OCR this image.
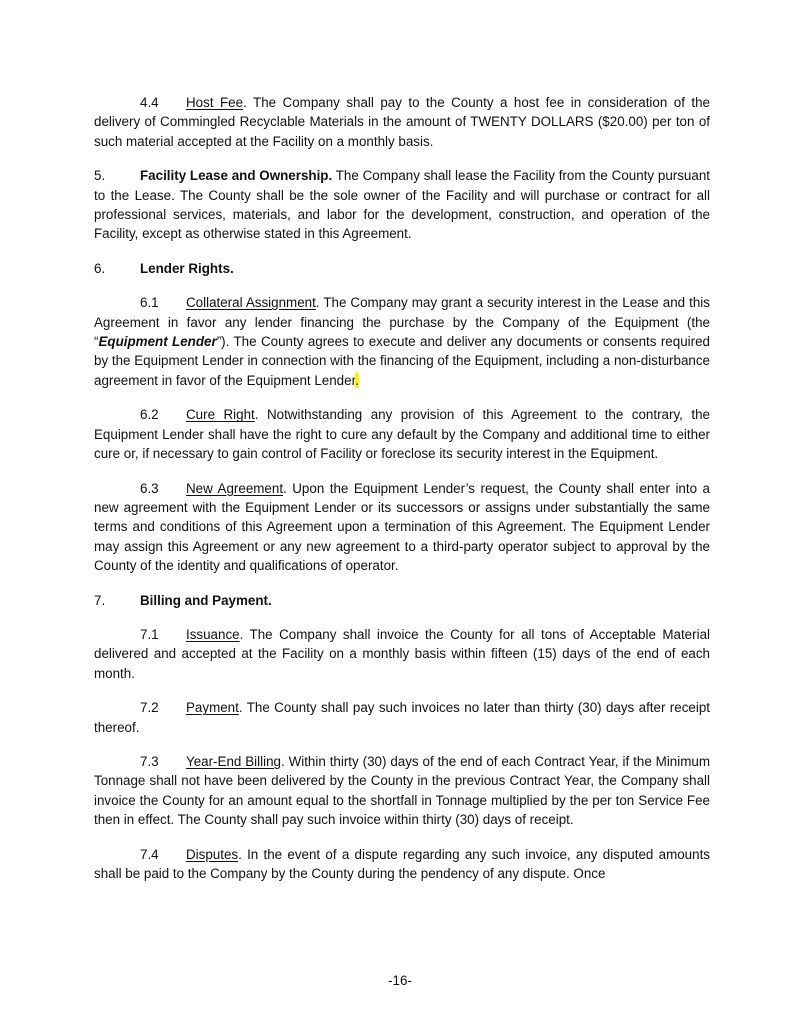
4.4 Host Fee. The Company shall pay to the County a host fee in consideration of the delivery of Commingled Recyclable Materials in the amount of TWENTY DOLLARS ($20.00) per ton of such material accepted at the Facility on a monthly basis.

5.	Facility Lease and Ownership. The Company shall lease the Facility from the County pursuant to the Lease. The County shall be the sole owner of the Facility and will purchase or contract for all professional services, materials, and labor for the development, construction, and operation of the Facility, except as otherwise stated in this Agreement.

6.	Lender Rights.

6.1 Collateral Assignment. The Company may grant a security interest in the Lease and this Agreement in favor any lender financing the purchase by the Company of the Equipment (the “Equipment Lender”). The County agrees to execute and deliver any documents or consents required by the Equipment Lender in connection with the financing of the Equipment, including a non-disturbance agreement in favor of the Equipment Lender.

6.2 Cure Right. Notwithstanding any provision of this Agreement to the contrary, the Equipment Lender shall have the right to cure any default by the Company and additional time to either cure or, if necessary to gain control of Facility or foreclose its security interest in the Equipment.

6.3 New Agreement. Upon the Equipment Lender’s request, the County shall enter into a new agreement with the Equipment Lender or its successors or assigns under substantially the same terms and conditions of this Agreement upon a termination of this Agreement. The Equipment Lender may assign this Agreement or any new agreement to a third-party operator subject to approval by the County of the identity and qualifications of operator.

7.	Billing and Payment.

7.1 Issuance. The Company shall invoice the County for all tons of Acceptable Material delivered and accepted at the Facility on a monthly basis within fifteen (15) days of the end of each month.

7.2 Payment. The County shall pay such invoices no later than thirty (30) days after receipt thereof.

7.3 Year-End Billing. Within thirty (30) days of the end of each Contract Year, if the Minimum Tonnage shall not have been delivered by the County in the previous Contract Year, the Company shall invoice the County for an amount equal to the shortfall in Tonnage multiplied by the per ton Service Fee then in effect. The County shall pay such invoice within thirty (30) days of receipt.

7.4 Disputes. In the event of a dispute regarding any such invoice, any disputed amounts shall be paid to the Company by the County during the pendency of any dispute. Once

-16-
